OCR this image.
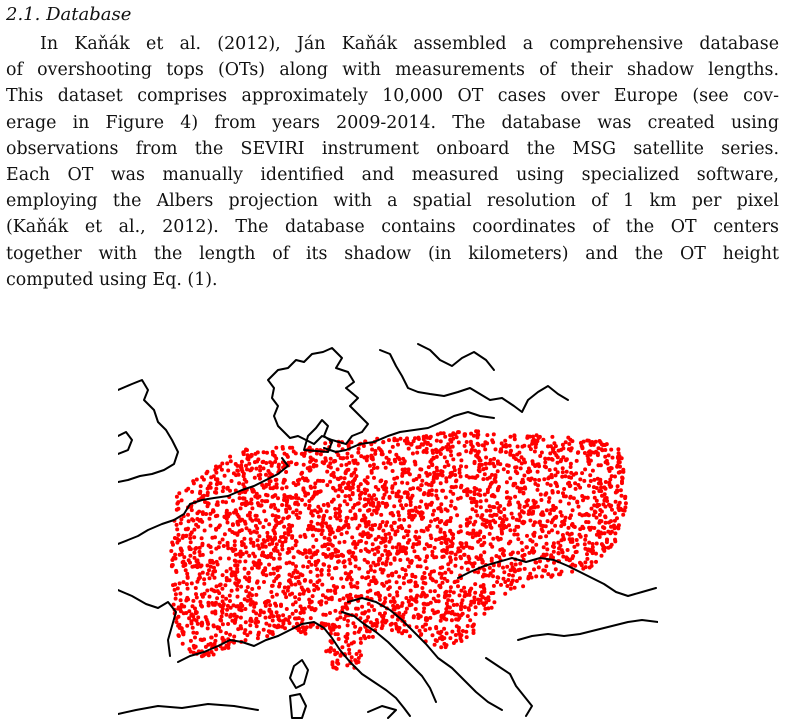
2.1. Database
In Kaňák et al. (2012), Ján Kaňák assembled a comprehensive database
of overshooting tops (OTs) along with measurements of their shadow lengths.
This dataset comprises approximately 10,000 OT cases over Europe (see cov-
erage in Figure 4) from years 2009-2014. The database was created using
observations from the SEVIRI instrument onboard the MSG satellite series.
Each OT was manually identified and measured using specialized software,
employing the Albers projection with a spatial resolution of 1 km per pixel
(Kaňák et al., 2012). The database contains coordinates of the OT centers
together with the length of its shadow (in kilometers) and the OT height
computed using Eq. (1).
